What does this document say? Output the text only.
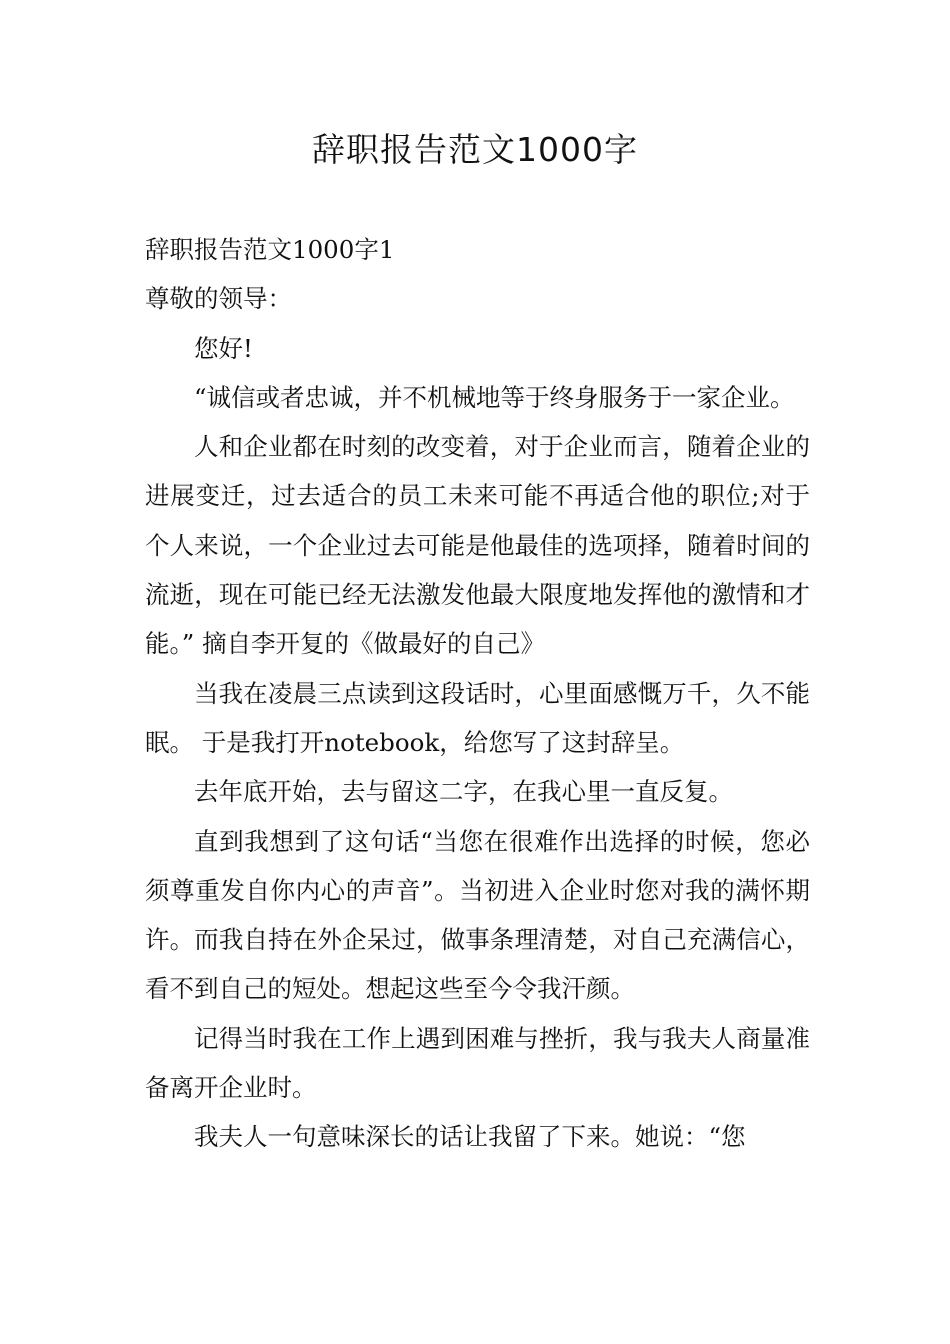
辞职报告范文1000字

辞职报告范文1000字1

尊敬的领导：

您好!

“诚信或者忠诚，并不机械地等于终身服务于一家企业。

人和企业都在时刻的改变着，对于企业而言，随着企业的进展变迁，过去适合的员工未来可能不再适合他的职位;对于个人来说，一个企业过去可能是他最佳的选项择，随着时间的流逝，现在可能已经无法激发他最大限度地发挥他的激情和才能。” 摘自李开复的《做最好的自己》

当我在凌晨三点读到这段话时，心里面感慨万千，久不能眠。 于是我打开notebook，给您写了这封辞呈。

去年底开始，去与留这二字，在我心里一直反复。

直到我想到了这句话“当您在很难作出选择的时候，您必须尊重发自你内心的声音”。当初进入企业时您对我的满怀期许。而我自持在外企呆过，做事条理清楚，对自己充满信心，看不到自己的短处。想起这些至今令我汗颜。

记得当时我在工作上遇到困难与挫折，我与我夫人商量准备离开企业时。

我夫人一句意味深长的话让我留了下来。她说：“您
